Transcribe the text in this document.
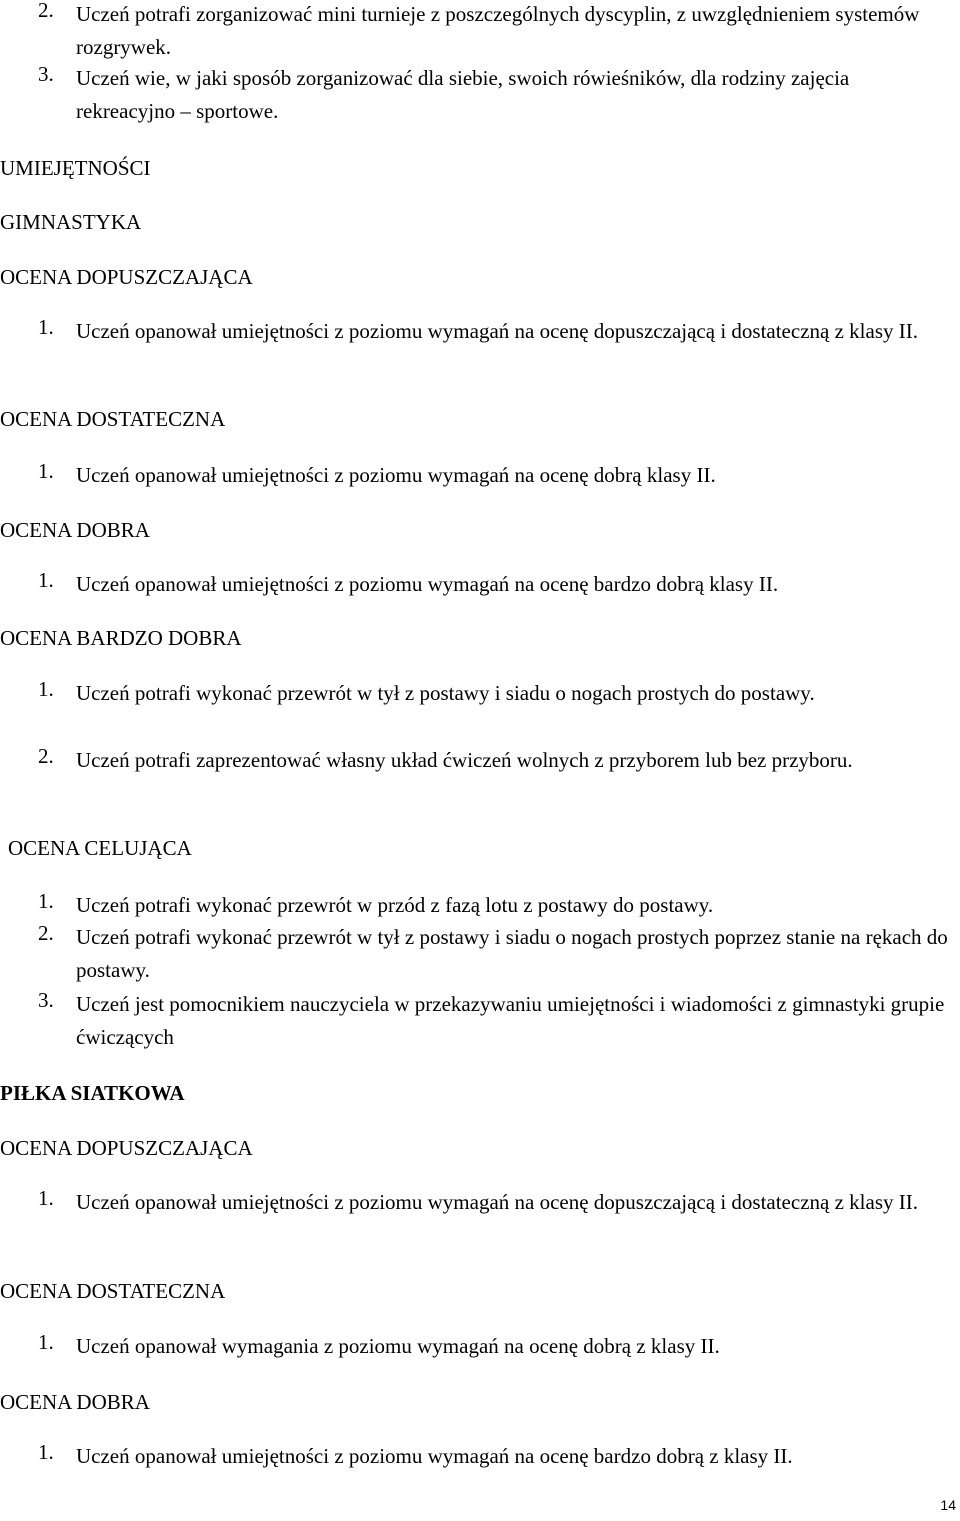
2. Uczeń potrafi zorganizować mini turnieje z poszczególnych dyscyplin, z uwzględnieniem systemów rozgrywek.
3. Uczeń wie, w jaki sposób zorganizować dla siebie, swoich rówieśników, dla rodziny zajęcia rekreacyjno – sportowe.
UMIEJĘTNOŚCI
GIMNASTYKA
OCENA DOPUSZCZAJĄCA
1. Uczeń opanował umiejętności z poziomu wymagań na ocenę dopuszczającą i dostateczną z klasy II.
OCENA DOSTATECZNA
1. Uczeń opanował umiejętności z poziomu wymagań na ocenę dobrą klasy II.
OCENA DOBRA
1. Uczeń opanował umiejętności z poziomu wymagań na ocenę bardzo dobrą klasy II.
OCENA BARDZO DOBRA
1. Uczeń potrafi wykonać przewrót w tył z postawy i siadu o nogach prostych do postawy.
2. Uczeń potrafi zaprezentować własny układ ćwiczeń wolnych z przyborem lub bez przyboru.
OCENA CELUJĄCA
1. Uczeń potrafi wykonać przewrót w przód z fazą lotu z postawy do postawy.
2. Uczeń potrafi wykonać przewrót w tył z postawy i siadu o nogach prostych poprzez stanie na rękach do postawy.
3. Uczeń jest pomocnikiem nauczyciela w przekazywaniu umiejętności i wiadomości z gimnastyki grupie ćwiczących
PIŁKA SIATKOWA
OCENA DOPUSZCZAJĄCA
1. Uczeń opanował umiejętności z poziomu wymagań na ocenę dopuszczającą i dostateczną z klasy II.
OCENA DOSTATECZNA
1. Uczeń opanował wymagania z poziomu wymagań na ocenę dobrą z klasy II.
OCENA DOBRA
1. Uczeń opanował umiejętności z poziomu wymagań na ocenę bardzo dobrą z klasy II.
14
